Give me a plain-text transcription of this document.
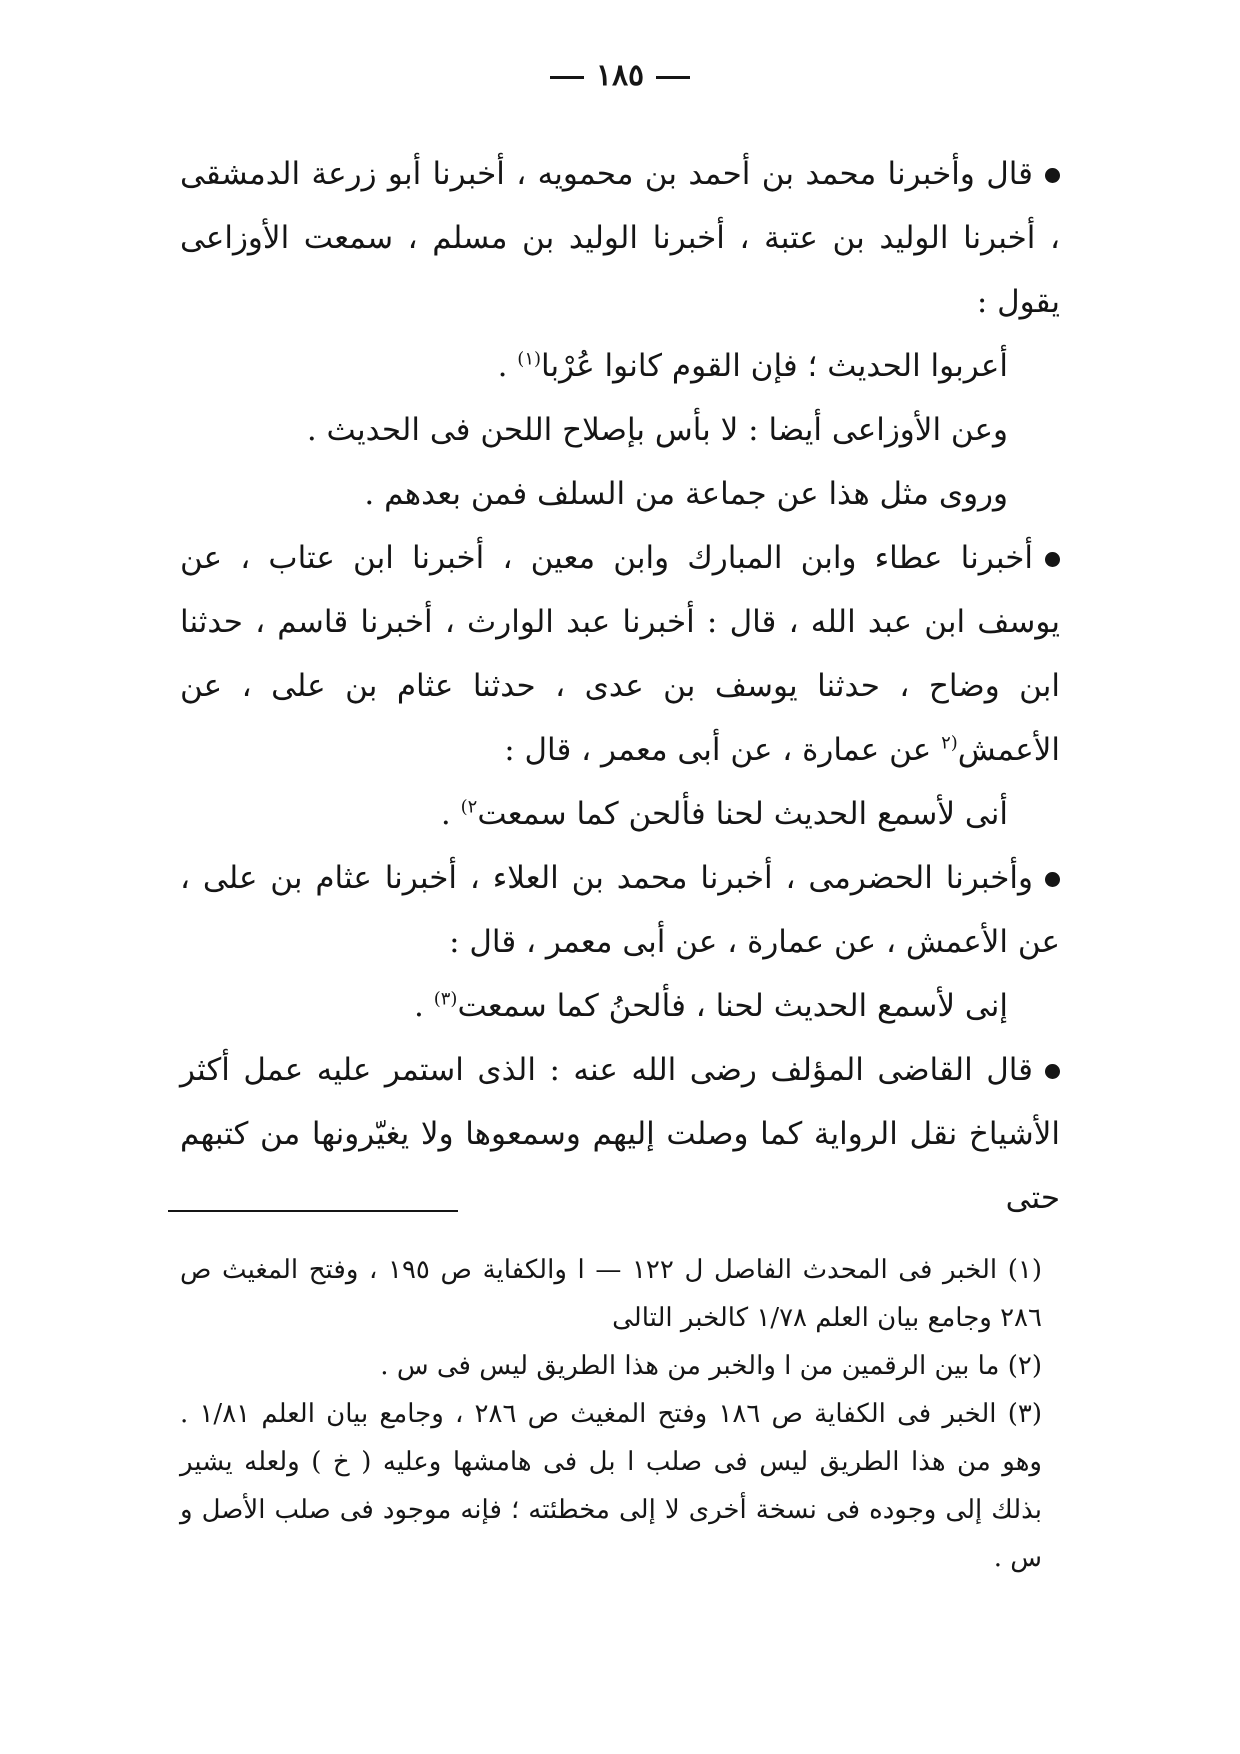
١٨٥

قال وأخبرنا محمد بن أحمد بن محمويه ، أخبرنا أبو زرعة الدمشقى ، أخبرنا الوليد بن عتبة ، أخبرنا الوليد بن مسلم ، سمعت الأوزاعى يقول :

أعربوا الحديث ؛ فإن القوم كانوا عُرْبا$^{(١)}$ .

وعن الأوزاعى أيضا : لا بأس بإصلاح اللحن فى الحديث .

وروى مثل هذا عن جماعة من السلف فمن بعدهم .

أخبرنا عطاء وابن المبارك وابن معين ، أخبرنا ابن عتاب ، عن يوسف ابن عبد الله ، قال : أخبرنا عبد الوارث ، أخبرنا قاسم ، حدثنا ابن وضاح ، حدثنا يوسف بن عدى ، حدثنا عثام بن على ، عن الأعمش$^{(٢}$ عن عمارة ، عن أبى معمر ، قال :

أنى لأسمع الحديث لحنا فألحن كما سمعت$^{٢)}$ .

وأخبرنا الحضرمى ، أخبرنا محمد بن العلاء ، أخبرنا عثام بن على ، عن الأعمش ، عن عمارة ، عن أبى معمر ، قال :

إنى لأسمع الحديث لحنا ، فألحنُ كما سمعت$^{(٣)}$ .

قال القاضى المؤلف رضى الله عنه : الذى استمر عليه عمل أكثر الأشياخ نقل الرواية كما وصلت إليهم وسمعوها ولا يغيّرونها من كتبهم حتى

(١) الخبر فى المحدث الفاصل ل ١٢٢ — ا والكفاية ص ١٩٥ ، وفتح المغيث ص ٢٨٦ وجامع بيان العلم ١/٧٨ كالخبر التالى

(٢) ما بين الرقمين من ا والخبر من هذا الطريق ليس فى س .

(٣) الخبر فى الكفاية ص ١٨٦ وفتح المغيث ص ٢٨٦ ، وجامع بيان العلم ١/٨١ . وهو من هذا الطريق ليس فى صلب ا بل فى هامشها وعليه ( خ ) ولعله يشير بذلك إلى وجوده فى نسخة أخرى لا إلى مخطئته ؛ فإنه موجود فى صلب الأصل و س .
